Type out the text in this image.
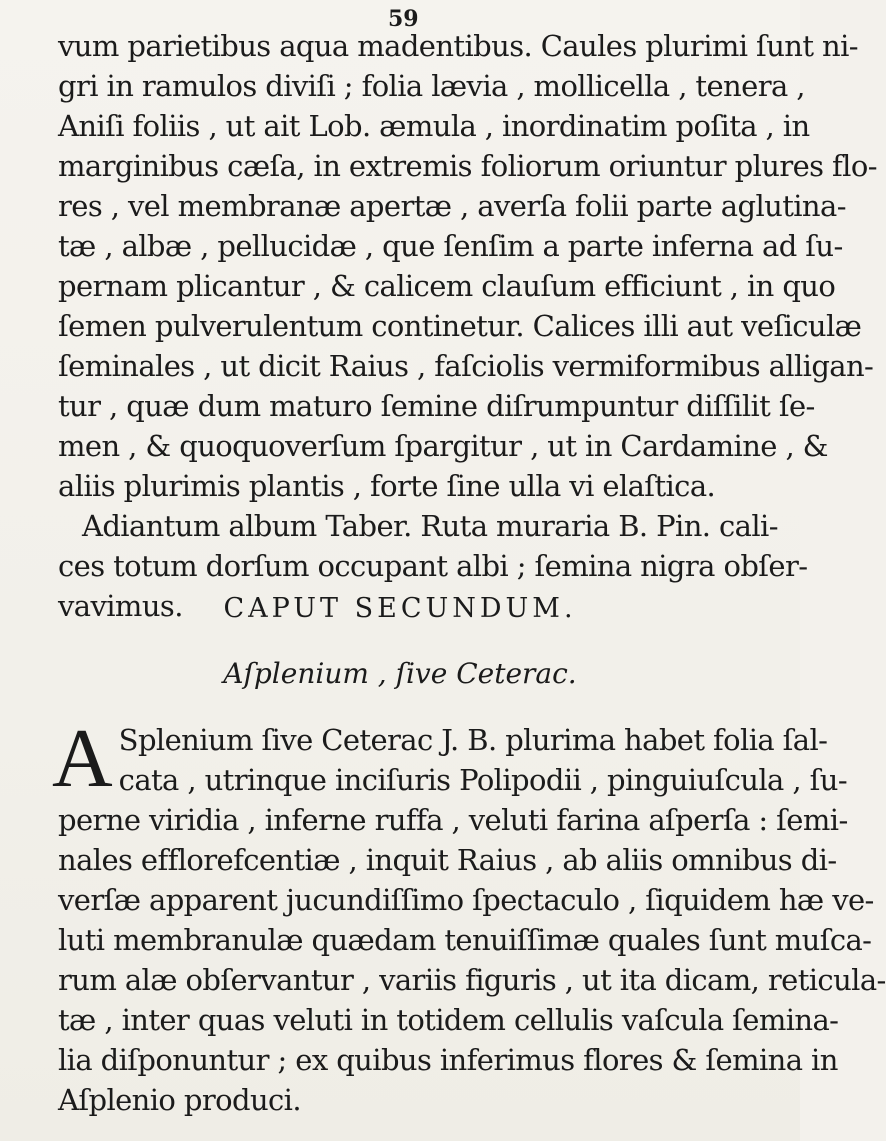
59
vum parietibus aqua madentibus. Caules plurimi ſunt ni-
gri in ramulos diviſi ; folia lævia , mollicella , tenera ,
Aniſi foliis , ut ait Lob. æmula , inordinatim poſita , in
marginibus cæſa, in extremis foliorum oriuntur plures flo-
res , vel membranæ apertæ , averſa folii parte aglutina-
tæ , albæ , pellucidæ , que ſenſim a parte inferna ad ſu-
pernam plicantur , & calicem clauſum efficiunt , in quo
ſemen pulverulentum continetur. Calices illi aut veſiculæ
ſeminales , ut dicit Raius , faſciolis vermiformibus alligan-
tur , quæ dum maturo ſemine diſrumpuntur diſſilit ſe-
men , & quoquoverſum ſpargitur , ut in Cardamine , &
aliis plurimis plantis , forte ſine ulla vi elaſtica.
Adiantum album Taber. Ruta muraria B. Pin. cali-
ces totum dorſum occupant albi ; ſemina nigra obſer-
vavimus.	CAPUT SECUNDUM.
Aſplenium , ſive Ceterac.
A Splenium ſive Ceterac J. B. plurima habet folia ſal-
cata , utrinque inciſuris Polipodii , pinguiuſcula , ſu-
perne viridia , inferne ruffa , veluti farina aſperſa : ſemi-
nales efflorefcentiæ , inquit Raius , ab aliis omnibus di-
verſæ apparent jucundiſſimo ſpectaculo , ſiquidem hæ ve-
luti membranulæ quædam tenuiſſimæ quales ſunt muſca-
rum alæ obſervantur , variis figuris , ut ita dicam, reticula-
tæ , inter quas veluti in totidem cellulis vaſcula ſemina-
lia diſponuntur ; ex quibus inferimus flores & ſemina in
Aſplenio produci.
